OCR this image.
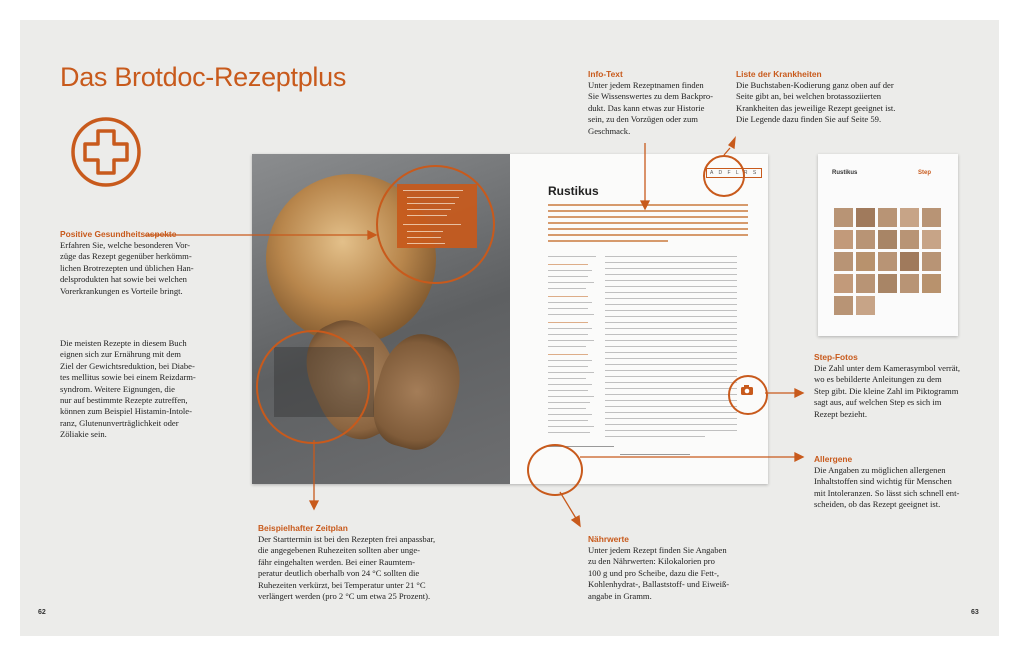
Das Brotdoc-Rezeptplus
Rustikus
A D F L R S	Rustikus	Step
Info-Text

Unter jedem Rezeptnamen finden

Sie Wissenswertes zu dem Backpro-

dukt. Das kann etwas zur Historie

sein, zu den Vorzügen oder zum

Geschmack.

Liste der Krankheiten

Die Buchstaben-Kodierung ganz oben auf der

Seite gibt an, bei welchen brotassoziierten

Krankheiten das jeweilige Rezept geeignet ist.

Die Legende dazu finden Sie auf Seite 59.

Positive Gesundheitsaspekte

Erfahren Sie, welche besonderen Vor-

züge das Rezept gegenüber herkömm-

lichen Brotrezepten und üblichen Han-

delsprodukten hat sowie bei welchen

Vorerkrankungen es Vorteile bringt.

Die meisten Rezepte in diesem Buch

eignen sich zur Ernährung mit dem

Ziel der Gewichtsreduktion, bei Diabe-

tes mellitus sowie bei einem Reizdarm-

syndrom. Weitere Eignungen, die

nur auf bestimmte Rezepte zutreffen,

können zum Beispiel Histamin-Intole-

ranz, Glutenunverträglichkeit oder

Zöliakie sein.

Beispielhafter Zeitplan

Der Starttermin ist bei den Rezepten frei anpassbar,

die angegebenen Ruhezeiten sollten aber unge-

fähr eingehalten werden. Bei einer Raumtem-

peratur deutlich oberhalb von 24 °C sollten die

Ruhezeiten verkürzt, bei Temperatur unter 21 °C

verlängert werden (pro 2 °C um etwa 25 Prozent).

Nährwerte

Unter jedem Rezept finden Sie Angaben

zu den Nährwerten: Kilokalorien pro

100 g und pro Scheibe, dazu die Fett-,

Kohlenhydrat-, Ballaststoff- und Eiweiß-

angabe in Gramm.

Step-Fotos

Die Zahl unter dem Kamerasymbol verrät,

wo es bebilderte Anleitungen zu dem

Step gibt. Die kleine Zahl im Piktogramm

sagt aus, auf welchen Step es sich im

Rezept bezieht.

Allergene

Die Angaben zu möglichen allergenen

Inhaltstoffen sind wichtig für Menschen

mit Intoleranzen. So lässt sich schnell ent-

scheiden, ob das Rezept geeignet ist.

62	63
